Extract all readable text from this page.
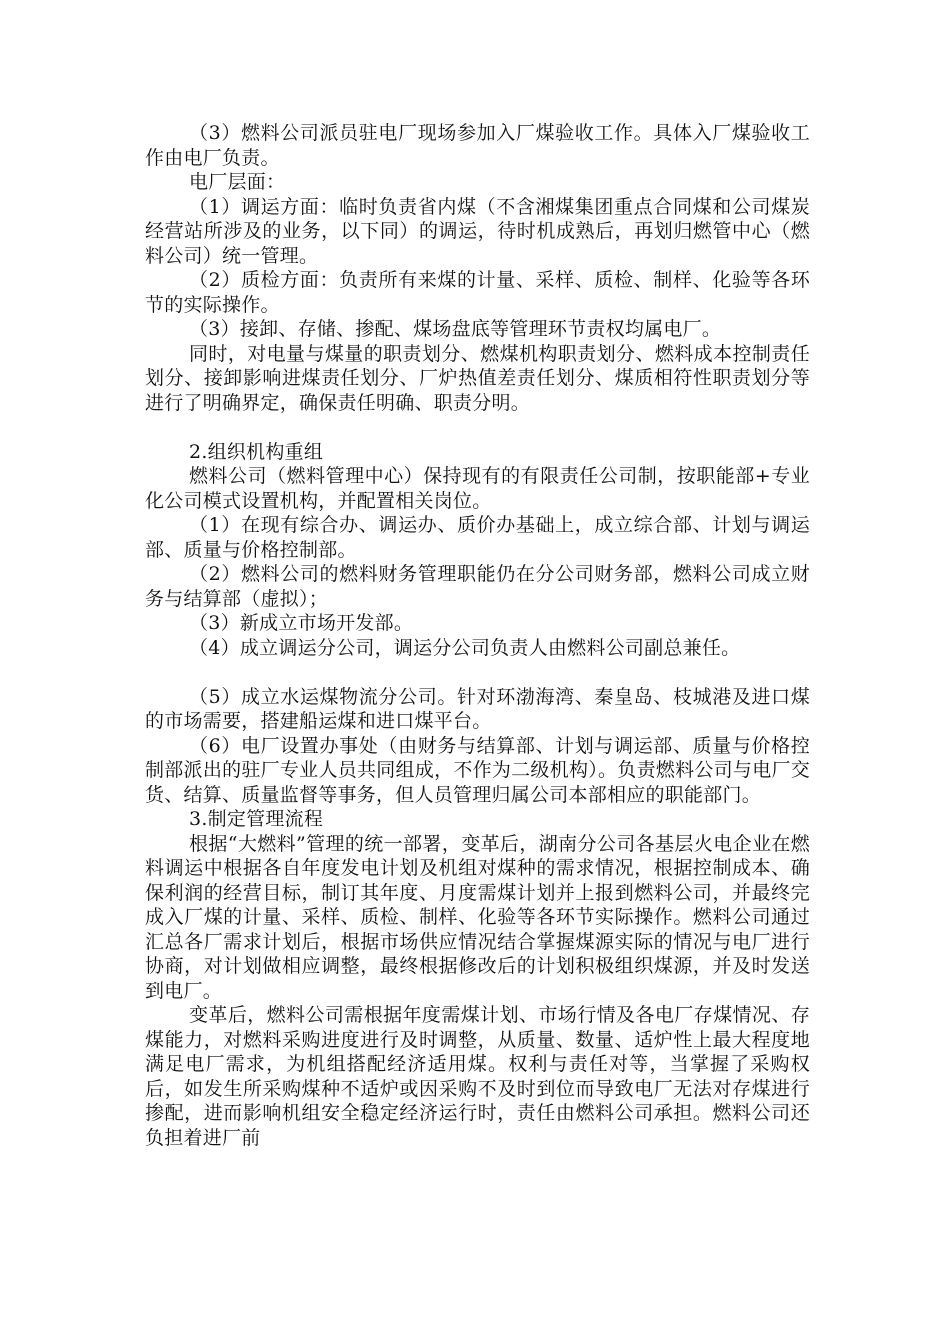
（3）燃料公司派员驻电厂现场参加入厂煤验收工作。具体入厂煤验收工作由电厂负责。

电厂层面：

（1）调运方面：临时负责省内煤（不含湘煤集团重点合同煤和公司煤炭经营站所涉及的业务，以下同）的调运，待时机成熟后，再划归燃管中心（燃料公司）统一管理。

（2）质检方面：负责所有来煤的计量、采样、质检、制样、化验等各环节的实际操作。

（3）接卸、存储、掺配、煤场盘底等管理环节责权均属电厂。

同时，对电量与煤量的职责划分、燃煤机构职责划分、燃料成本控制责任划分、接卸影响进煤责任划分、厂炉热值差责任划分、煤质相符性职责划分等进行了明确界定，确保责任明确、职责分明。

2.组织机构重组

燃料公司（燃料管理中心）保持现有的有限责任公司制，按职能部+专业化公司模式设置机构，并配置相关岗位。

（1）在现有综合办、调运办、质价办基础上，成立综合部、计划与调运部、质量与价格控制部。

（2）燃料公司的燃料财务管理职能仍在分公司财务部，燃料公司成立财务与结算部（虚拟）；

（3）新成立市场开发部。

（4）成立调运分公司，调运分公司负责人由燃料公司副总兼任。

（5）成立水运煤物流分公司。针对环渤海湾、秦皇岛、枝城港及进口煤的市场需要，搭建船运煤和进口煤平台。

（6）电厂设置办事处（由财务与结算部、计划与调运部、质量与价格控制部派出的驻厂专业人员共同组成，不作为二级机构）。负责燃料公司与电厂交货、结算、质量监督等事务，但人员管理归属公司本部相应的职能部门。

3.制定管理流程

根据“大燃料”管理的统一部署，变革后，湖南分公司各基层火电企业在燃料调运中根据各自年度发电计划及机组对煤种的需求情况，根据控制成本、确保利润的经营目标，制订其年度、月度需煤计划并上报到燃料公司，并最终完成入厂煤的计量、采样、质检、制样、化验等各环节实际操作。燃料公司通过汇总各厂需求计划后，根据市场供应情况结合掌握煤源实际的情况与电厂进行协商，对计划做相应调整，最终根据修改后的计划积极组织煤源，并及时发送到电厂。

变革后，燃料公司需根据年度需煤计划、市场行情及各电厂存煤情况、存煤能力，对燃料采购进度进行及时调整，从质量、数量、适炉性上最大程度地满足电厂需求，为机组搭配经济适用煤。权利与责任对等，当掌握了采购权后，如发生所采购煤种不适炉或因采购不及时到位而导致电厂无法对存煤进行掺配，进而影响机组安全稳定经济运行时，责任由燃料公司承担。燃料公司还负担着进厂前
